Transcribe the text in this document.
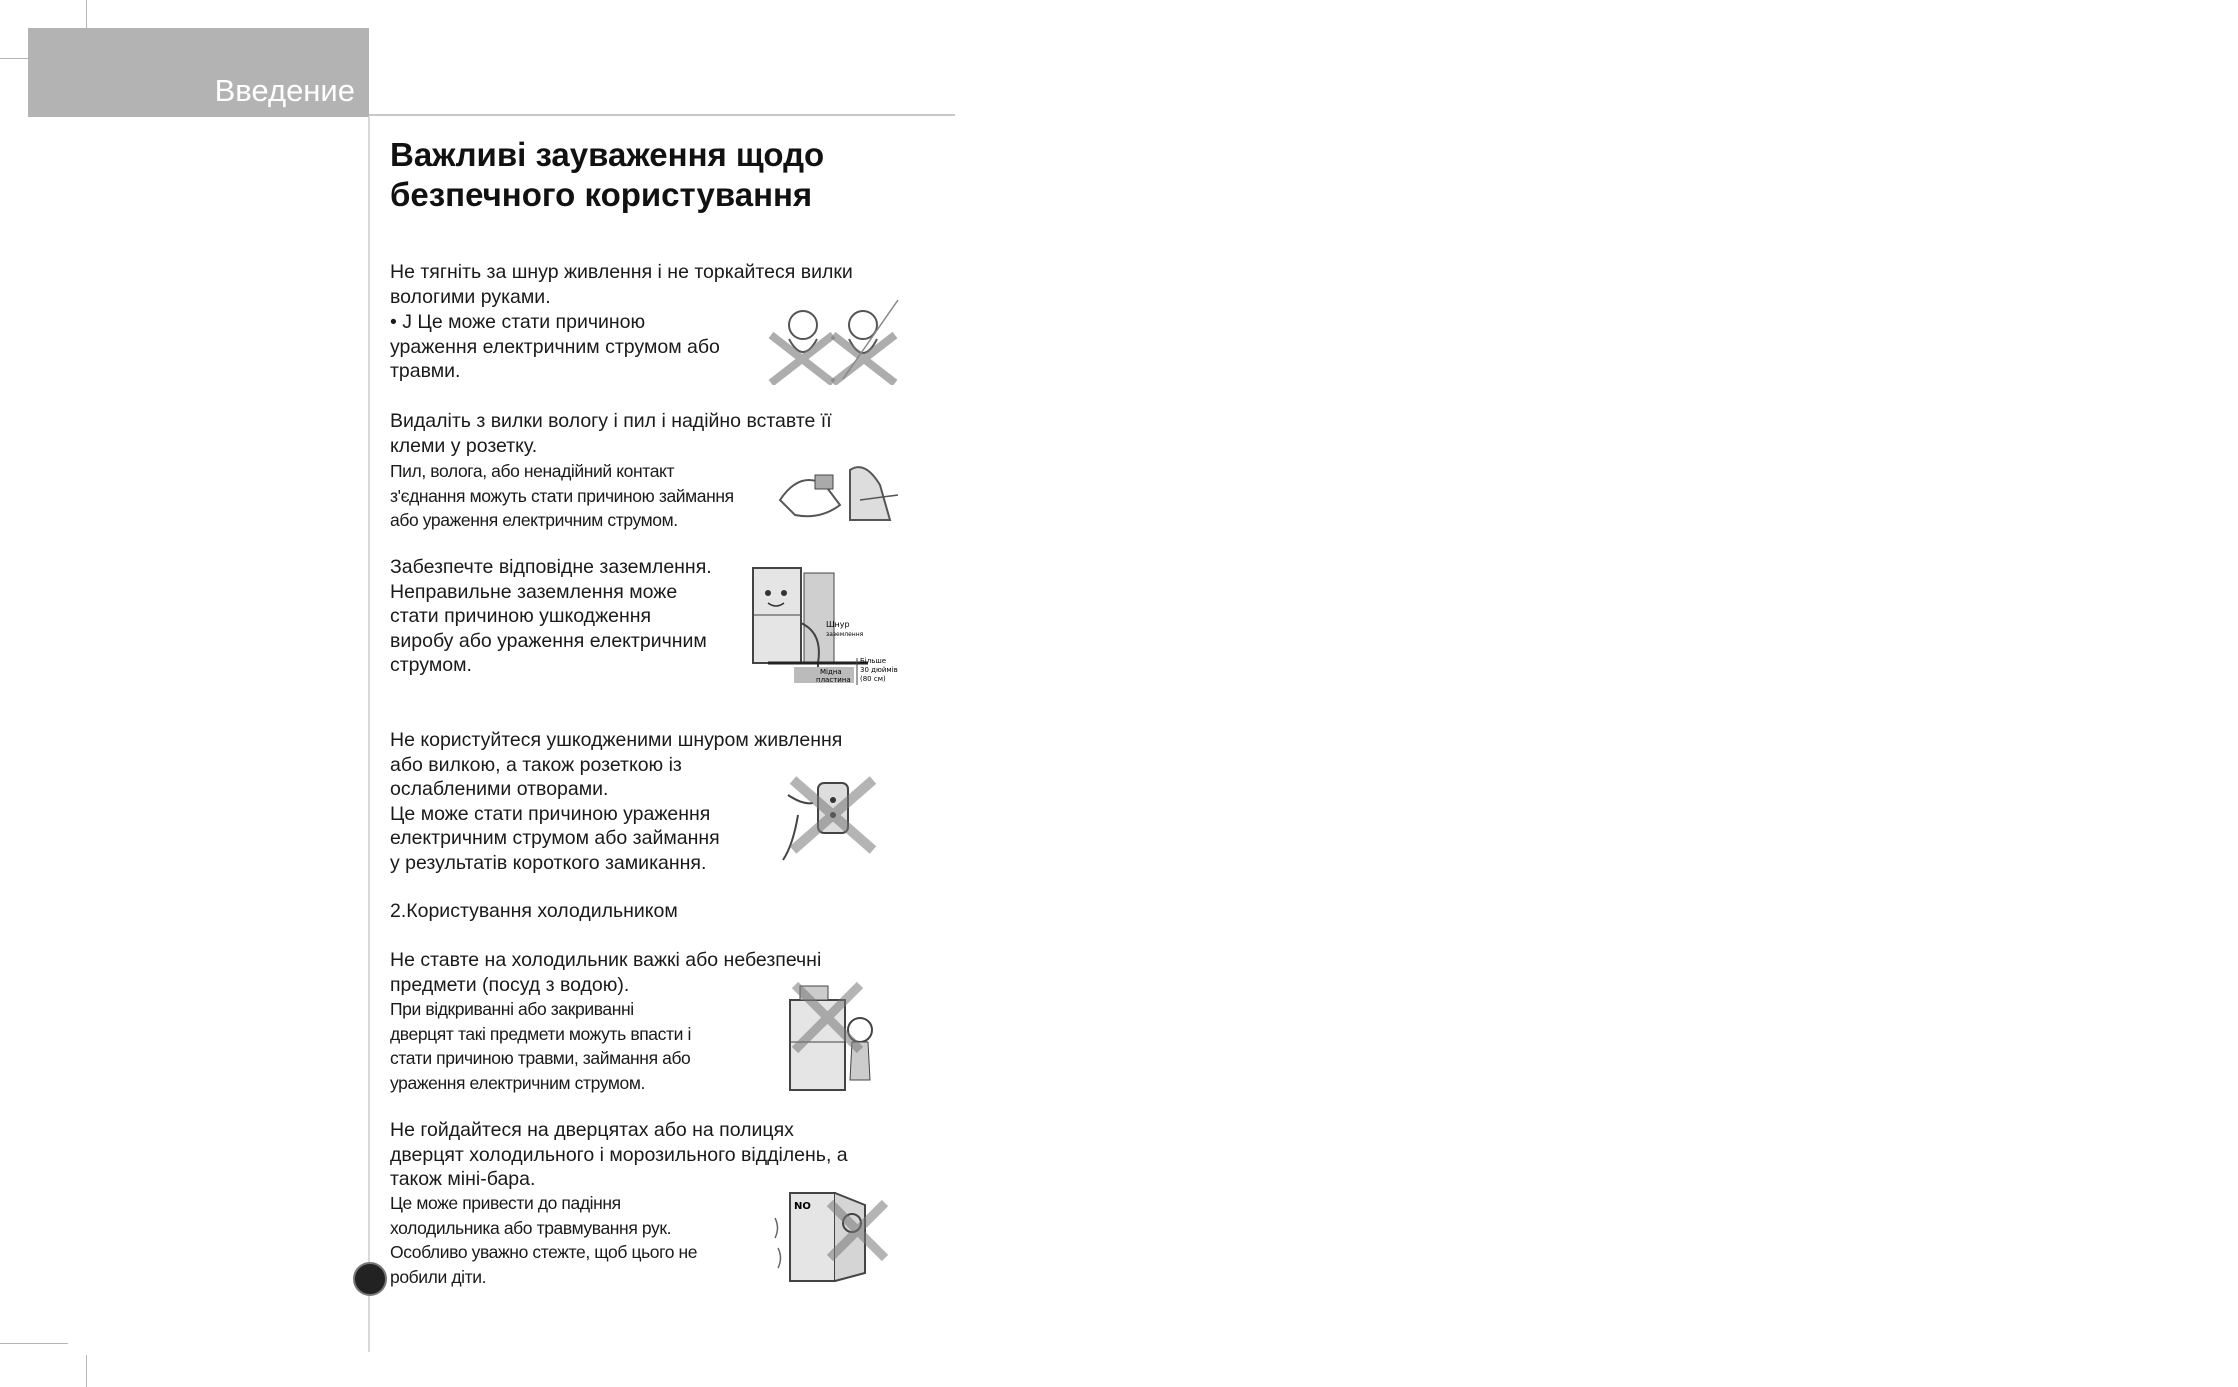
Введение
Важливі зауваження щодо
безпечного користування
Не тягніть за шнур живлення і не торкайтеся вилки
вологими руками.
• J Це може стати причиною
ураження електричним струмом або
травми.
Видаліть з вилки вологу і пил і надійно вставте її
клеми у розетку.
Пил, волога, або ненадійний контакт
з'єднання можуть стати причиною займання
або ураження електричним струмом.
Забезпечте відповідне заземлення.
Неправильне заземлення може
стати причиною ушкодження
виробу або ураження електричним
струмом.
Шнур
заземлення
Мідна
пластина
Більше
30 дюймів
(80 см)
Не користуйтеся ушкодженими шнуром живлення
або вилкою, а також розеткою із
ослабленими отворами.
Це може стати причиною ураження
електричним струмом або займання
у результатів короткого замикання.
2.Користування холодильником
Не ставте на холодильник важкі або небезпечні
предмети (посуд з водою).
При відкриванні або закриванні
дверцят такі предмети можуть впасти і
стати причиною травми, займання або
ураження електричним струмом.
Не гойдайтеся на дверцятах або на полицях
дверцят холодильного і морозильного відділень, а
також міні-бара.
Це може привести до падіння
холодильника або травмування рук.
Особливо уважно стежте, щоб цього не
робили діти.
NO
